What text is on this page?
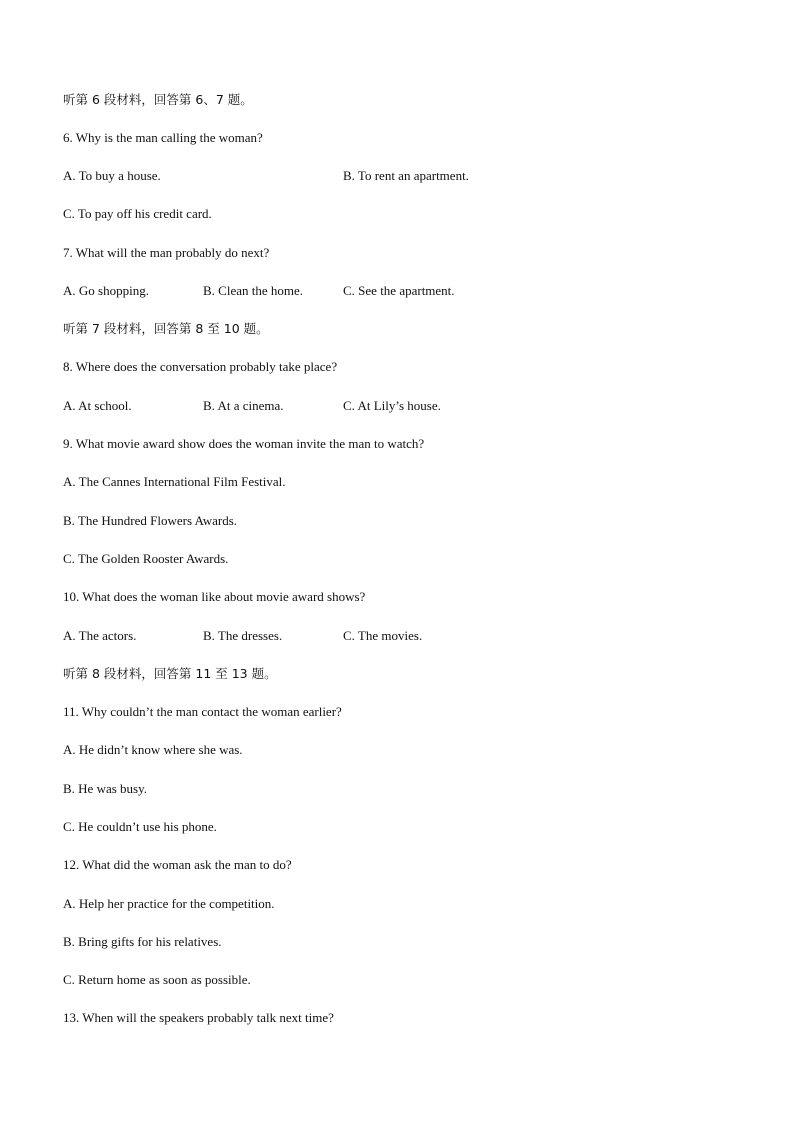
听第 6 段材料，回答第 6、7 题。
6. Why is the man calling the woman?
A. To buy a house.	B. To rent an apartment.
C. To pay off his credit card.
7. What will the man probably do next?
A. Go shopping.	B. Clean the home.	C. See the apartment.
听第 7 段材料，回答第 8 至 10 题。
8. Where does the conversation probably take place?
A. At school.	B. At a cinema.	C. At Lily’s house.
9. What movie award show does the woman invite the man to watch?
A. The Cannes International Film Festival.
B. The Hundred Flowers Awards.
C. The Golden Rooster Awards.
10. What does the woman like about movie award shows?
A. The actors.	B. The dresses.	C. The movies.
听第 8 段材料，回答第 11 至 13 题。
11. Why couldn’t the man contact the woman earlier?
A. He didn’t know where she was.
B. He was busy.
C. He couldn’t use his phone.
12. What did the woman ask the man to do?
A. Help her practice for the competition.
B. Bring gifts for his relatives.
C. Return home as soon as possible.
13. When will the speakers probably talk next time?
